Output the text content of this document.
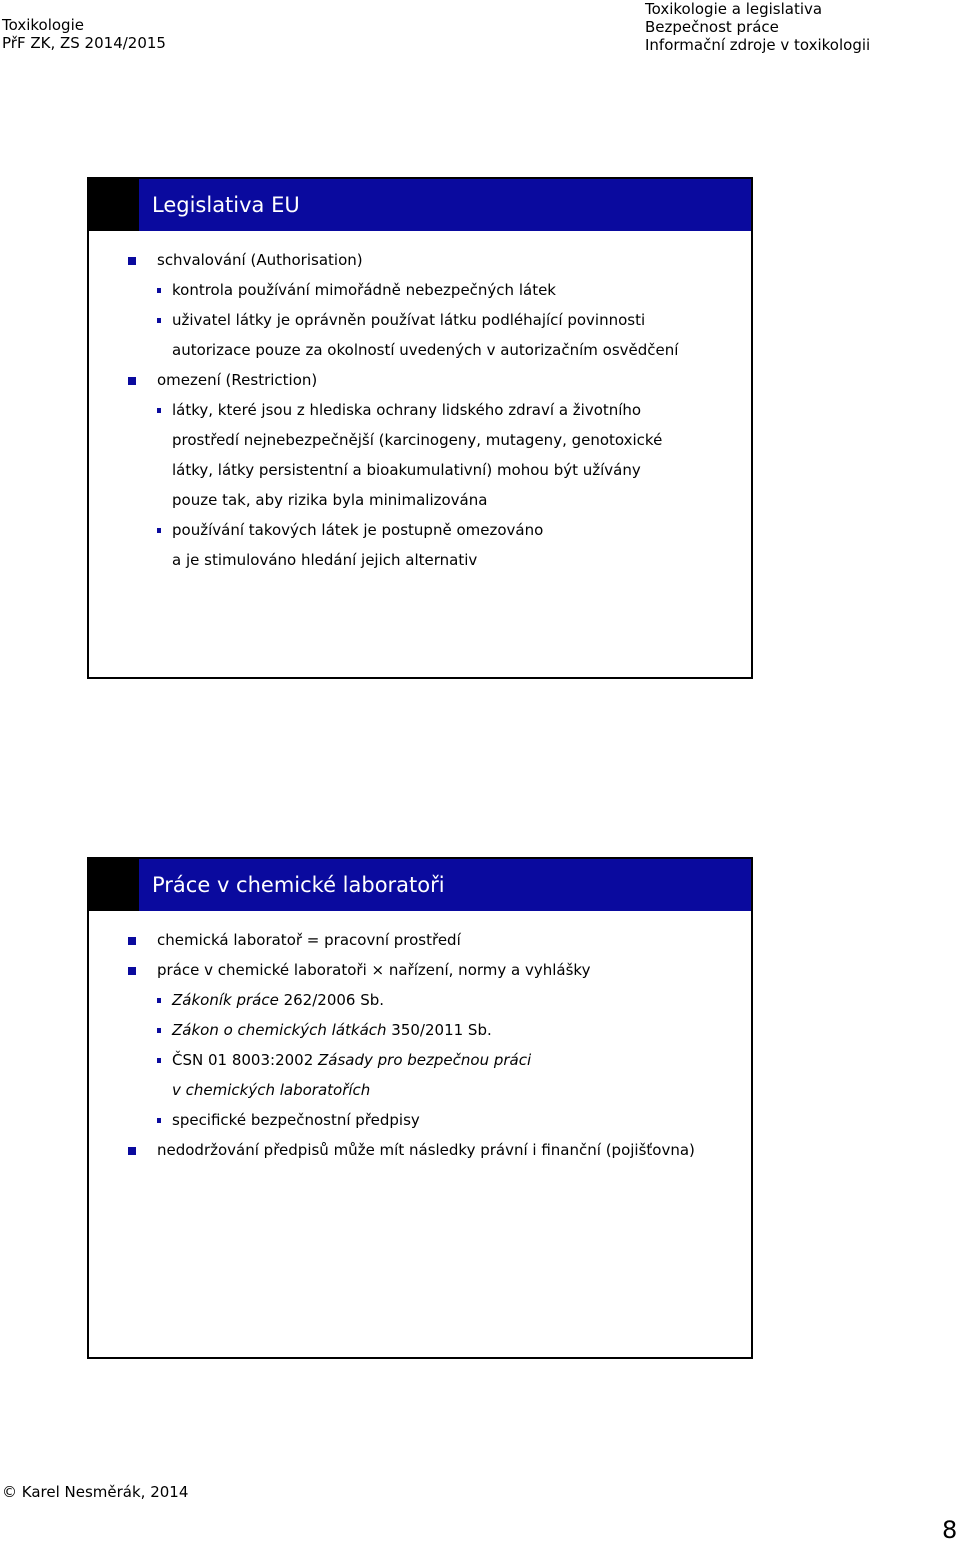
Toxikologie
PřF ZK, ZS 2014/2015
Toxikologie a legislativa
Bezpečnost práce
Informační zdroje v toxikologii
Legislativa EU
schvalování (Authorisation)
kontrola používání mimořádně nebezpečných látek
uživatel látky je oprávněn používat látku podléhající povinnosti
autorizace pouze za okolností uvedených v autorizačním osvědčení
omezení (Restriction)
látky, které jsou z hlediska ochrany lidského zdraví a životního
prostředí nejnebezpečnější (karcinogeny, mutageny, genotoxické
látky, látky persistentní a bioakumulativní) mohou být užívány
pouze tak, aby rizika byla minimalizována
používání takových látek je postupně omezováno
a je stimulováno hledání jejich alternativ
Práce v chemické laboratoři
chemická laboratoř = pracovní prostředí
práce v chemické laboratoři × nařízení, normy a vyhlášky
Zákoník práce 262/2006 Sb.
Zákon o chemických látkách 350/2011 Sb.
ČSN 01 8003:2002 Zásady pro bezpečnou práci
v chemických laboratořích
specifické bezpečnostní předpisy
nedodržování předpisů může mít následky právní i finanční (pojišťovna)
© Karel Nesměrák, 2014
8
